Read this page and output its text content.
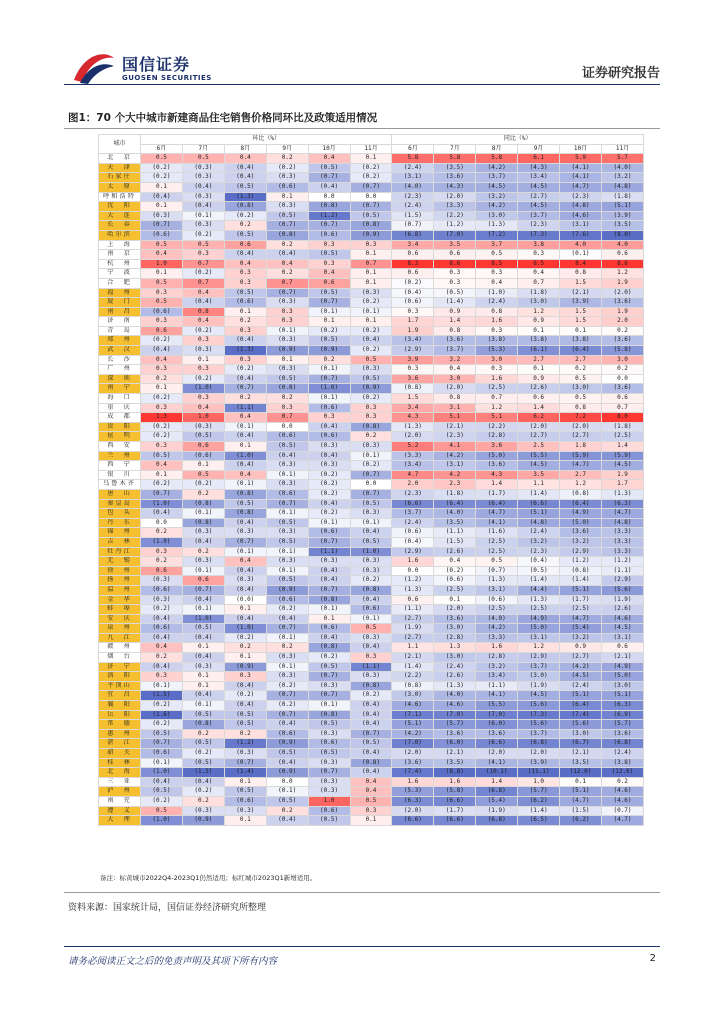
国信证券
GUOSEN SECURITIES	证券研究报告
图1：70 个大中城市新建商品住宅销售价格同环比及政策适用情况
城市	环比（%）						同比（%）					
	6月	7月	8月	9月	10月	11月	6月	7月	8月	9月	10月	11月
北　京	0.5	0.5	0.4	0.2	0.4	0.1	5.8	5.8	5.8	6.1	5.9	5.7
天　津	(0.2)	(0.3)	(0.4)	(0.2)	(0.5)	(0.2)	(2.4)	(3.5)	(4.2)	(4.3)	(4.1)	(4.0)
石家庄	(0.2)	(0.3)	(0.4)	(0.3)	(0.7)	(0.2)	(3.1)	(3.6)	(3.7)	(3.4)	(4.1)	(3.2)
太　原	0.1	(0.4)	(0.5)	(0.6)	(0.4)	(0.7)	(4.0)	(4.3)	(4.5)	(4.5)	(4.7)	(4.8)
呼和浩特	(0.4)	(0.3)	(1.3)	0.1	0.0	0.0	(2.3)	(2.0)	(3.2)	(2.7)	(2.3)	(1.8)
沈　阳	0.1	(0.4)	(0.8)	(0.3)	(0.8)	(0.7)	(2.4)	(3.3)	(4.2)	(4.5)	(4.8)	(5.1)
大　连	(0.3)	(0.1)	(0.2)	(0.5)	(1.2)	(0.5)	(1.5)	(2.2)	(3.0)	(3.7)	(4.6)	(3.9)
长　春	(0.7)	(0.3)	0.2	(0.7)	(0.7)	(0.8)	(0.7)	(1.2)	(1.3)	(2.3)	(3.1)	(3.5)
哈尔滨	(0.6)	(0.2)	(0.5)	(0.8)	(0.6)	(0.9)	(6.8)	(7.0)	(7.2)	(7.3)	(7.6)	(8.0)
上　海	0.5	0.5	0.6	0.2	0.3	0.3	3.4	3.5	3.7	3.8	4.0	4.0
南　京	0.4	0.3	(0.4)	(0.4)	(0.5)	0.1	0.6	0.6	0.5	0.3	(0.1)	0.6
杭　州	1.0	0.7	0.4	0.4	0.3	0.7	8.3	8.6	8.5	8.5	8.4	8.6
宁　波	0.1	(0.2)	0.3	0.2	0.4	0.1	0.6	0.3	0.3	0.4	0.8	1.2
合　肥	0.5	0.7	0.3	0.7	0.6	0.1	(0.2)	0.3	0.4	0.7	1.5	1.9
福　州	0.3	0.4	(0.5)	(0.7)	(0.5)	(0.3)	(0.4)	(0.5)	(1.0)	(1.8)	(2.1)	(2.0)
厦　门	0.5	(0.4)	(0.6)	(0.3)	(0.7)	(0.2)	(0.6)	(1.4)	(2.4)	(3.0)	(3.9)	(3.6)
南　昌	(0.6)	0.8	0.1	0.3	(0.1)	(0.1)	0.3	0.9	0.8	1.2	1.5	1.9
济　南	0.3	0.4	0.2	0.3	0.1	0.1	1.7	1.4	1.6	0.9	1.5	2.0
青　岛	0.6	(0.2)	0.3	(0.1)	(0.2)	(0.2)	1.9	0.8	0.3	0.1	0.1	0.2
郑　州	(0.2)	0.3	(0.4)	(0.3)	(0.5)	(0.4)	(3.4)	(3.6)	(3.8)	(3.8)	(3.8)	(3.6)
武　汉	(0.4)	(0.3)	(1.3)	(0.9)	(0.9)	(0.2)	(2.9)	(3.7)	(5.3)	(6.1)	(6.4)	(5.8)
长　沙	0.4	0.1	0.3	0.1	0.2	0.5	3.9	3.2	3.0	2.7	2.7	3.0
广　州	0.3	0.3	(0.2)	(0.3)	(0.1)	(0.3)	0.3	0.4	0.3	0.1	0.2	0.2
深　圳	0.2	(0.2)	(0.4)	(0.5)	(0.7)	(0.5)	3.6	3.0	1.6	0.9	0.5	0.0
南　宁	0.1	(1.0)	(0.7)	(0.8)	(1.0)	(0.9)	(0.8)	(2.0)	(2.5)	(2.6)	(3.0)	(3.6)
海　口	(0.2)	0.3	0.2	0.2	(0.1)	(0.2)	1.5	0.8	0.7	0.6	0.5	0.6
重　庆	0.3	0.4	(1.1)	0.3	(0.6)	0.3	3.4	3.1	1.2	1.4	0.8	0.7
成　都	1.3	1.0	0.4	0.7	0.3	0.3	4.3	5.1	5.1	6.2	7.2	8.0
贵　阳	(0.2)	(0.3)	(0.1)	0.0	(0.4)	(0.8)	(1.3)	(2.1)	(2.2)	(2.0)	(2.0)	(1.8)
昆　明	(0.2)	(0.5)	(0.4)	(0.6)	(0.6)	0.2	(2.0)	(2.3)	(2.8)	(2.7)	(2.7)	(2.5)
西　安	0.3	0.6	0.1	(0.5)	(0.3)	(0.3)	5.2	4.1	3.6	2.5	1.8	1.4
兰　州	(0.5)	(0.6)	(1.0)	(0.4)	(0.4)	(0.1)	(3.3)	(4.2)	(5.0)	(5.5)	(5.9)	(5.9)
西　宁	0.4	0.1	(0.4)	(0.3)	(0.3)	(0.2)	(3.4)	(3.1)	(3.6)	(4.5)	(4.7)	(4.5)
银　川	0.1	0.5	0.4	(0.1)	(0.2)	(0.7)	4.7	4.2	4.3	3.5	2.7	1.9
乌鲁木齐	(0.2)	(0.2)	(0.1)	(0.3)	(0.2)	0.0	2.0	2.3	1.4	1.1	1.2	1.7
唐　山	(0.7)	0.2	(0.8)	(0.6)	(0.2)	(0.7)	(2.3)	(1.8)	(1.7)	(1.4)	(0.8)	(1.3)
秦皇岛	(1.0)	(0.8)	(0.5)	(0.7)	(0.4)	(0.5)	(6.6)	(6.4)	(6.4)	(6.6)	(6.4)	(6.3)
包　头	(0.4)	(0.1)	(0.8)	(0.1)	(0.2)	(0.3)	(3.7)	(4.0)	(4.7)	(5.1)	(4.9)	(4.7)
丹　东	0.0	(0.8)	(0.4)	(0.5)	(0.1)	(0.1)	(2.4)	(3.5)	(4.1)	(4.8)	(5.0)	(4.8)
锦　州	0.2	(0.3)	(0.3)	(0.3)	(0.6)	(0.4)	(0.6)	(1.1)	(1.6)	(2.4)	(3.6)	(3.3)
吉　林	(1.0)	(0.4)	(0.7)	(0.5)	(0.7)	(0.5)	(0.4)	(1.5)	(2.5)	(3.2)	(3.2)	(3.3)
牡丹江	0.3	0.2	(0.1)	(0.1)	(1.1)	(1.0)	(2.9)	(2.6)	(2.5)	(2.3)	(2.9)	(3.3)
无　锡	0.2	(0.3)	0.4	(0.3)	(0.3)	(0.3)	1.6	0.4	0.5	(0.4)	(1.2)	(1.2)
徐　州	0.6	(0.1)	(0.4)	(0.1)	(0.4)	(0.3)	0.0	(0.2)	(0.7)	(0.5)	(0.8)	(1.1)
扬　州	(0.3)	0.6	(0.3)	(0.5)	(0.4)	(0.2)	(1.2)	(0.6)	(1.3)	(1.4)	(1.4)	(2.9)
温　州	(0.6)	(0.7)	(0.4)	(0.9)	(0.7)	(0.8)	(1.3)	(2.5)	(3.1)	(4.4)	(5.1)	(5.6)
金　华	(0.3)	(0.4)	(0.0)	(0.6)	(0.8)	(0.4)	0.6	0.1	(0.6)	(1.3)	(1.7)	(1.9)
蚌　埠	(0.2)	(0.1)	0.1	(0.2)	(0.1)	(0.6)	(1.1)	(2.0)	(2.5)	(2.5)	(2.5)	(2.6)
安　庆	(0.4)	(1.0)	(0.4)	(0.4)	0.1	(0.1)	(2.7)	(3.6)	(4.0)	(4.9)	(4.7)	(4.6)
泉　州	(0.6)	(0.5)	(1.0)	(0.7)	(0.6)	0.5	(1.9)	(3.0)	(4.2)	(5.0)	(5.4)	(4.5)
九　江	(0.4)	(0.4)	(0.2)	(0.1)	(0.4)	(0.3)	(2.7)	(2.8)	(3.3)	(3.1)	(3.2)	(3.1)
赣　州	0.4	0.1	0.2	0.2	(0.8)	(0.4)	1.1	1.3	1.6	1.2	0.9	0.6
烟　台	0.2	(0.4)	0.1	(0.3)	(0.2)	0.3	(2.1)	(3.0)	(2.8)	(2.9)	(2.7)	(2.1)
济　宁	(0.4)	(0.3)	(0.9)	(0.1)	(0.5)	(1.1)	(1.4)	(2.4)	(3.2)	(3.7)	(4.2)	(4.9)
洛　阳	0.3	0.1	0.3	(0.3)	(0.7)	(0.3)	(2.2)	(2.6)	(3.4)	(3.0)	(4.5)	(5.0)
平顶山	(0.1)	0.1	(0.4)	(0.2)	(0.3)	(0.8)	(0.8)	(1.3)	(1.1)	(1.9)	(2.4)	(3.0)
宜　昌	(1.5)	(0.4)	(0.2)	(0.7)	(0.7)	(0.2)	(3.0)	(4.0)	(4.1)	(4.5)	(5.1)	(5.1)
襄　阳	(0.2)	(0.1)	(0.4)	(0.2)	(0.1)	(0.4)	(4.6)	(4.6)	(5.5)	(5.6)	(6.4)	(6.3)
岳　阳	(1.6)	(0.5)	(0.5)	(0.7)	(0.8)	(0.4)	(7.1)	(7.0)	(7.0)	(7.3)	(7.4)	(6.9)
常　德	(0.2)	(0.8)	(0.5)	(0.4)	(0.5)	(0.4)	(5.1)	(5.7)	(6.0)	(5.6)	(5.6)	(5.7)
惠　州	(0.5)	0.2	0.2	(0.6)	(0.3)	(0.7)	(4.2)	(3.6)	(3.6)	(3.7)	(3.0)	(3.6)
湛　江	(0.7)	(0.5)	(1.2)	(0.9)	(0.6)	(0.5)	(7.0)	(6.0)	(6.6)	(6.8)	(6.7)	(6.8)
韶　关	(0.6)	(0.2)	(0.3)	(0.5)	(0.5)	(0.4)	(2.0)	(2.1)	(2.0)	(2.0)	(2.1)	(2.4)
桂　林	(0.1)	(0.5)	(0.7)	(0.4)	(0.3)	(0.8)	(3.6)	(3.5)	(4.1)	(3.9)	(3.5)	(3.8)
北　海	(1.0)	(1.3)	(1.4)	(0.9)	(0.7)	(0.4)	(7.4)	(8.8)	(10.1)	(11.1)	(12.0)	(12.6)
三　亚	(0.4)	(0.4)	0.1	0.0	(0.3)	0.4	1.6	1.6	1.4	1.0	0.1	0.2
泸　州	(0.5)	(0.2)	(0.5)	(0.1)	(0.3)	0.4	(5.3)	(5.8)	(6.8)	(5.7)	(5.1)	(4.6)
南　充	(0.2)	0.2	(0.6)	(0.5)	1.0	0.5	(6.3)	(6.6)	(5.4)	(6.2)	(4.7)	(4.6)
遵　义	0.5	(0.3)	(0.3)	0.2	(0.6)	0.3	(2.0)	(1.7)	(1.9)	(1.4)	(1.5)	(0.7)
大　理	(1.0)	(0.9)	0.1	(0.4)	(0.5)	0.1	(6.6)	(6.6)	(6.8)	(6.5)	(6.2)	(4.7)
备注：标黄城市2022Q4-2023Q1仍然适用；标红城市2023Q1新增适用。
资料来源：国家统计局，国信证券经济研究所整理
请务必阅读正文之后的免责声明及其项下所有内容	2
